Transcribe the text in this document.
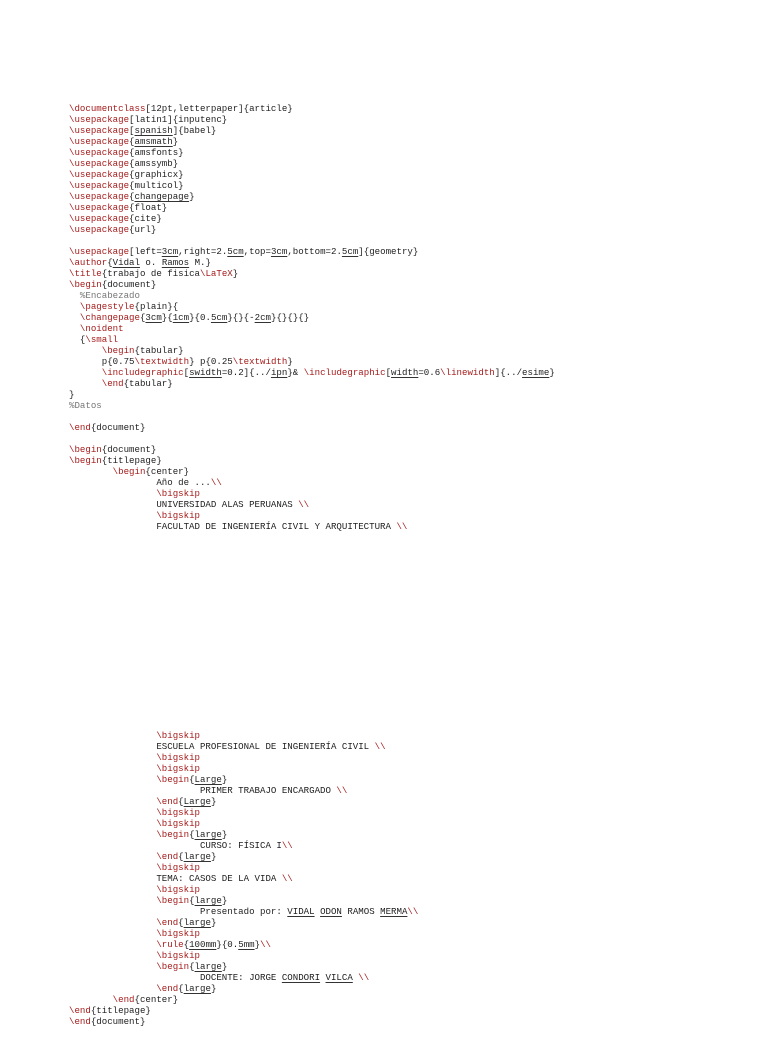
\documentclass[12pt,letterpaper]{article}
\usepackage[latin1]{inputenc}
\usepackage[spanish]{babel}
\usepackage{amsmath}
\usepackage{amsfonts}
\usepackage{amssymb}
\usepackage{graphicx}
\usepackage{multicol}
\usepackage{changepage}
\usepackage{float}
\usepackage{cite}
\usepackage{url}
\usepackage[left=3cm,right=2.5cm,top=3cm,bottom=2.5cm]{geometry}
\author{Vidal o. Ramos M.}
\title{trabajo de fisica\LaTeX}
\begin{document}
%Encabezado
\pagestyle{plain}{
\changepage{3cm}{1cm}{0.5cm}{}{-2cm}{}{}{}
\noident
{\small
\begin{tabular}
p{0.75\textwidth} p{0.25\textwidth}
\includegraphic[swidth=0.2]{../ipn}& \includegraphic[width=0.6\linewidth]{../esime}
\end{tabular}
}
%Datos
\end{document}
\begin{document}
\begin{titlepage}
\begin{center}
Año de ...\\
\bigskip
UNIVERSIDAD ALAS PERUANAS \\
\bigskip
FACULTAD DE INGENIERÍA CIVIL Y ARQUITECTURA \\

\bigskip
ESCUELA PROFESIONAL DE INGENIERÍA CIVIL \\
\bigskip
\bigskip
\begin{Large}
PRIMER TRABAJO ENCARGADO \\
\end{Large}
\bigskip
\bigskip
\begin{large}
CURSO: FÍSICA I\\
\end{large}
\bigskip
TEMA: CASOS DE LA VIDA \\
\bigskip
\begin{large}
Presentado por: VIDAL ODON RAMOS MERMA\\
\end{large}
\bigskip
\rule{100mm}{0.5mm}\\
\bigskip
\begin{large}
DOCENTE: JORGE CONDORI VILCA \\
\end{large}
\end{center}
\end{titlepage}
\end{document}
